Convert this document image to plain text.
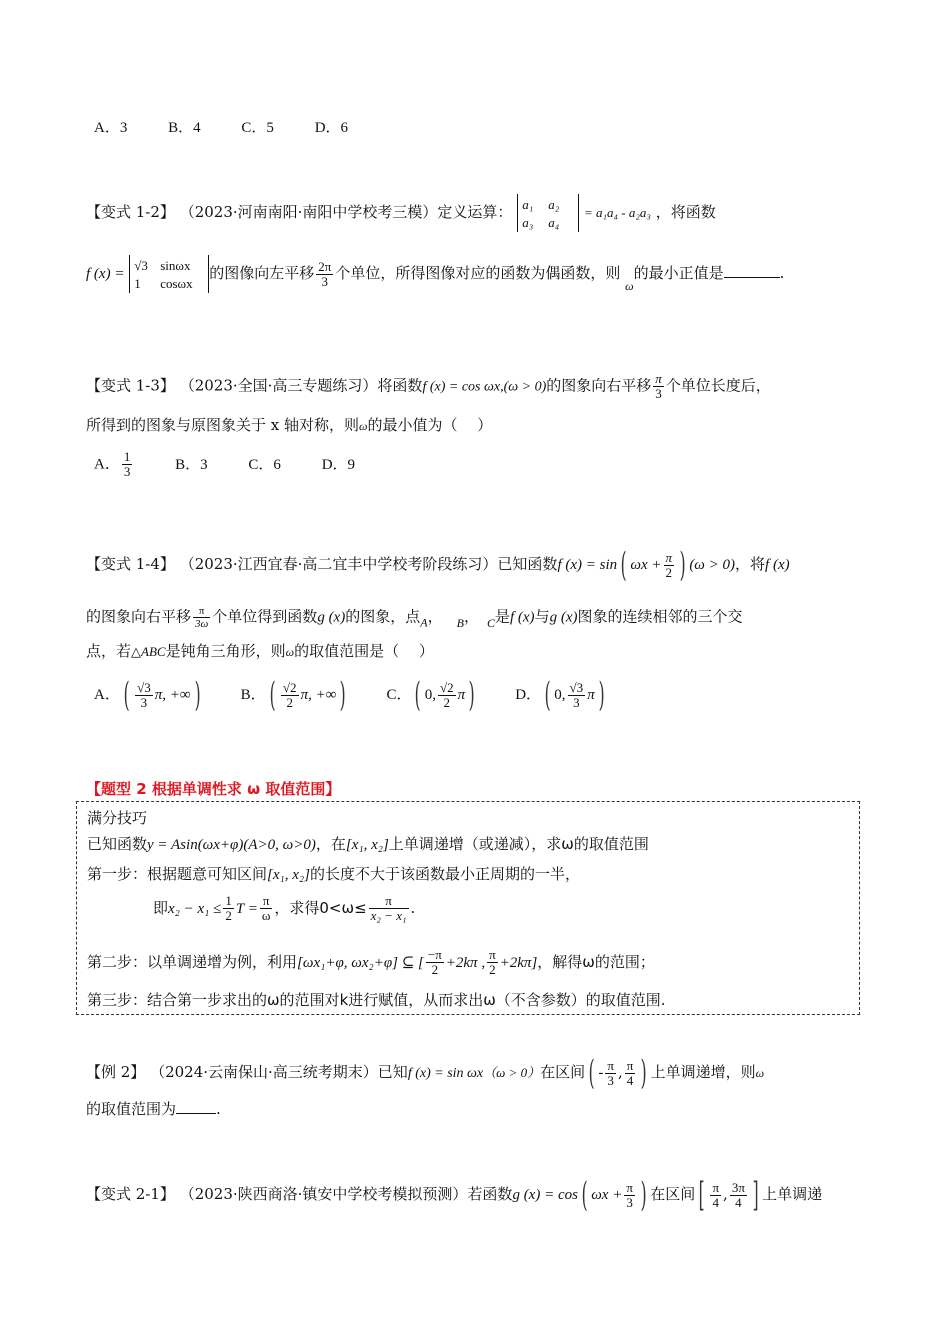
A．3	B．4	C．5	D．6
【变式 1-2】 （2023·河南南阳·南阳中学校考三模）定义运算： a₁ a₂
a₃ a₄ = a₁a₄ - a₂a₃ ，将函数
f (x) = √3 sinωx
1 cosωx的图像向左平移 $\frac{2\pi}{3}$ 个单位，所得图像对应的函数为偶函数，则 $_\omega$的最小正值是	.
【变式 1-3】 （2023·全国·高三专题练习）将函数f (x) = cos ωx,(ω > 0)的图象向右平移 $\frac{\pi}{3}$ 个单位长度后，
所得到的图象与原图象关于 x 轴对称，则ω的最小值为（　 ）
A． $\frac{1}{3}$	B．3	C．6	D．9
【变式 1-4】 （2023·江西宜春·高二宜丰中学校考阶段练习）已知函数f (x) = sin ( $\omega x + \frac{\pi}{2}$ ) (ω > 0)，将f (x)
的图象向右平移 $\frac{\pi}{3\omega}$ 个单位得到函数g (x)的图象，点$_A$， $_B$， $_C$是f (x)与g (x)图象的连续相邻的三个交
点，若△ABC是钝角三角形，则ω的取值范围是（　 ）
A． ( $\frac{√3}{3} \pi$, +∞ )	B． ( $\frac{√2}{2} \pi$, +∞ )	C． ( 0, $\frac{√2}{2}$ π )	D． ( 0, $\frac{√3}{3}$ π )
【题型 2 根据单调性求 ω 取值范围】
满分技巧
已知函数y = Asin(ωx+φ)(A>0, ω>0)，在[x₁, x₂]上单调递增（或递减），求ω的取值范围
第一步：根据题意可知区间[x₁, x₂]的长度不大于该函数最小正周期的一半，
即$x_2 - x_1 \le \frac{1}{2}$ $T = \frac{\pi}{\omega}$ ，求得$0<\omega\le \frac{\pi}{\text{x₂ − x₁}}$ .
第二步：以单调递增为例，利用[ωx₁+φ, ωx₂+φ] ⊆ [ $\frac{-\pi}{2} +2k\pi$ , $\frac{\pi}{2} +2k\pi$]，解得ω的范围；
第三步：结合第一步求出的ω的范围对k进行赋值，从而求出ω（不含参数）的取值范围.
【例 2】 （2024·云南保山·高三统考期末）已知f (x) = sin ωx（ω > 0）在区间 ( - $\frac{\pi}{3}$ , $\frac{\pi}{4}$ ) 上单调递增，则ω
的取值范围为	.
【变式 2-1】 （2023·陕西商洛·镇安中学校考模拟预测）若函数g (x) = cos ( $\omega x + \frac{\pi}{3}$ ) 在区间 [ $\frac{\pi}{4}$ , $\frac{3\pi}{4}$ ] 上单调递
